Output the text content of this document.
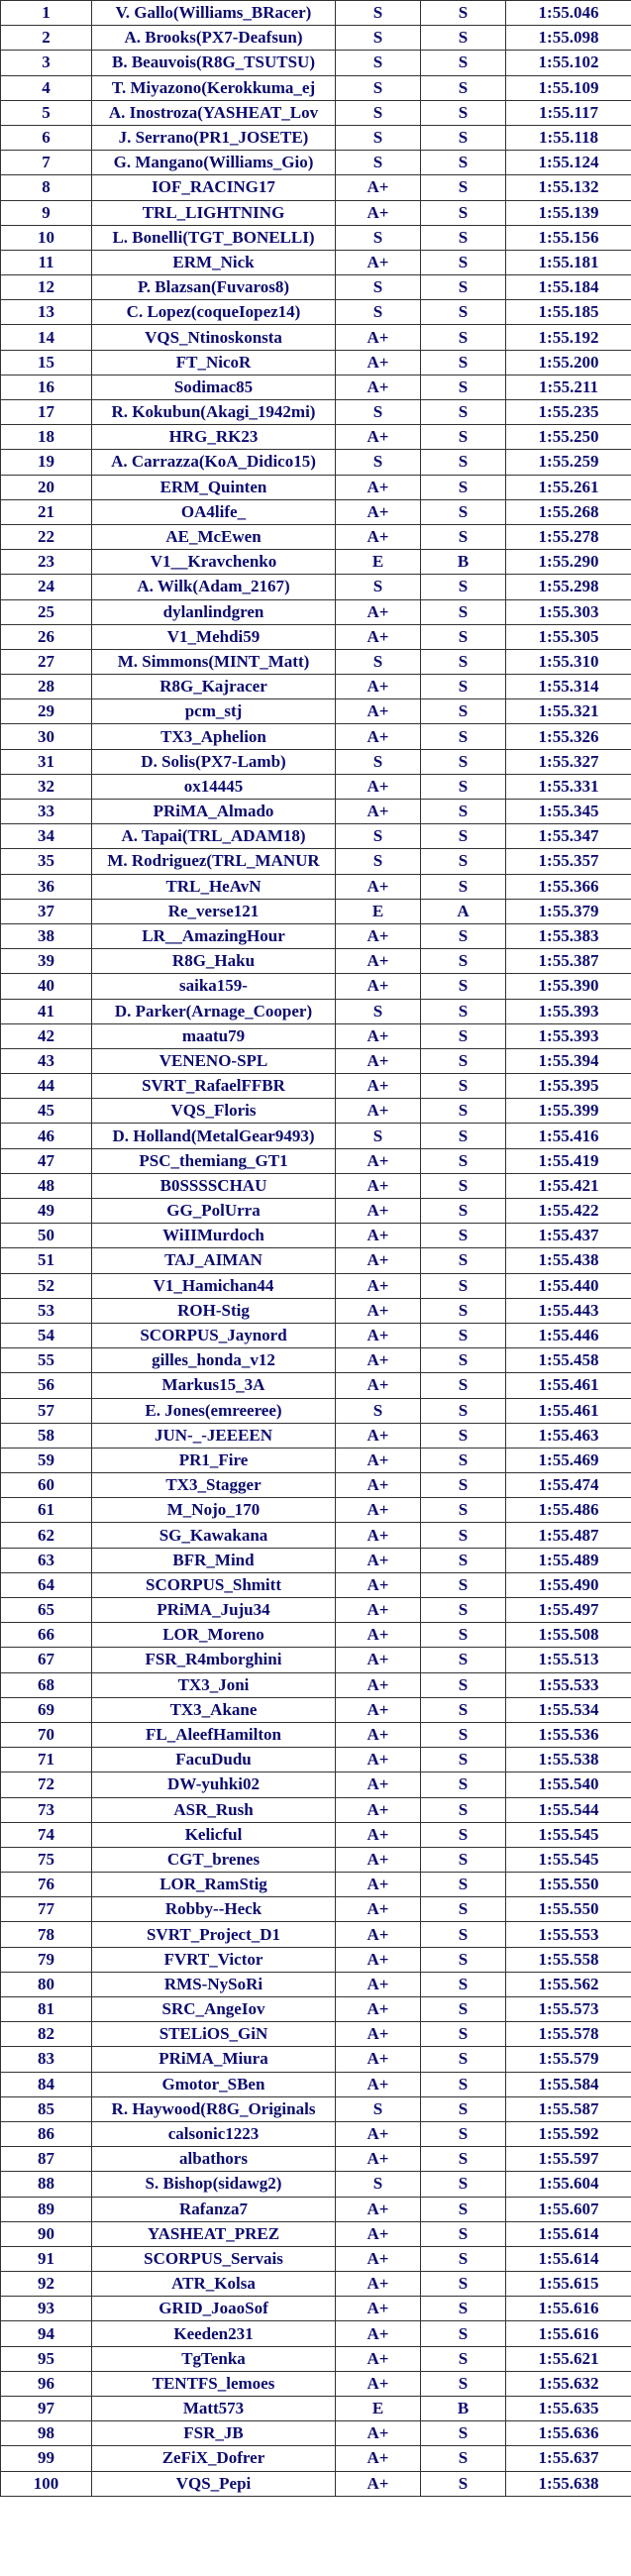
1	V. Gallo(Williams_BRacer)	S	S	1:55.046
2	A. Brooks(PX7-Deafsun)	S	S	1:55.098
3	B. Beauvois(R8G_TSUTSU)	S	S	1:55.102
4	T. Miyazono(Kerokkuma_ej	S	S	1:55.109
5	A. Inostroza(YASHEAT_Lov	S	S	1:55.117
6	J. Serrano(PR1_JOSETE)	S	S	1:55.118
7	G. Mangano(Williams_Gio)	S	S	1:55.124
8	IOF_RACING17	A+	S	1:55.132
9	TRL_LIGHTNING	A+	S	1:55.139
10	L. Bonelli(TGT_BONELLI)	S	S	1:55.156
11	ERM_Nick	A+	S	1:55.181
12	P. Blazsan(Fuvaros8)	S	S	1:55.184
13	C. Lopez(coqueIopez14)	S	S	1:55.185
14	VQS_Ntinoskonsta	A+	S	1:55.192
15	FT_NicoR	A+	S	1:55.200
16	Sodimac85	A+	S	1:55.211
17	R. Kokubun(Akagi_1942mi)	S	S	1:55.235
18	HRG_RK23	A+	S	1:55.250
19	A. Carrazza(KoA_Didico15)	S	S	1:55.259
20	ERM_Quinten	A+	S	1:55.261
21	OA4life_	A+	S	1:55.268
22	AE_McEwen	A+	S	1:55.278
23	V1__Kravchenko	E	B	1:55.290
24	A. Wilk(Adam_2167)	S	S	1:55.298
25	dylanlindgren	A+	S	1:55.303
26	V1_Mehdi59	A+	S	1:55.305
27	M. Simmons(MINT_Matt)	S	S	1:55.310
28	R8G_Kajracer	A+	S	1:55.314
29	pcm_stj	A+	S	1:55.321
30	TX3_Aphelion	A+	S	1:55.326
31	D. Solis(PX7-Lamb)	S	S	1:55.327
32	ox14445	A+	S	1:55.331
33	PRiMA_Almado	A+	S	1:55.345
34	A. Tapai(TRL_ADAM18)	S	S	1:55.347
35	M. Rodriguez(TRL_MANUR	S	S	1:55.357
36	TRL_HeAvN	A+	S	1:55.366
37	Re_verse121	E	A	1:55.379
38	LR__AmazingHour	A+	S	1:55.383
39	R8G_Haku	A+	S	1:55.387
40	saika159-	A+	S	1:55.390
41	D. Parker(Arnage_Cooper)	S	S	1:55.393
42	maatu79	A+	S	1:55.393
43	VENENO-SPL	A+	S	1:55.394
44	SVRT_RafaelFFBR	A+	S	1:55.395
45	VQS_Floris	A+	S	1:55.399
46	D. Holland(MetalGear9493)	S	S	1:55.416
47	PSC_themiang_GT1	A+	S	1:55.419
48	B0SSSSCHAU	A+	S	1:55.421
49	GG_PolUrra	A+	S	1:55.422
50	WiIIMurdoch	A+	S	1:55.437
51	TAJ_AIMAN	A+	S	1:55.438
52	V1_Hamichan44	A+	S	1:55.440
53	ROH-Stig	A+	S	1:55.443
54	SCORPUS_Jaynord	A+	S	1:55.446
55	gilles_honda_v12	A+	S	1:55.458
56	Markus15_3A	A+	S	1:55.461
57	E. Jones(emreeree)	S	S	1:55.461
58	JUN-_-JEEEEN	A+	S	1:55.463
59	PR1_Fire	A+	S	1:55.469
60	TX3_Stagger	A+	S	1:55.474
61	M_Nojo_170	A+	S	1:55.486
62	SG_Kawakana	A+	S	1:55.487
63	BFR_Mind	A+	S	1:55.489
64	SCORPUS_Shmitt	A+	S	1:55.490
65	PRiMA_Juju34	A+	S	1:55.497
66	LOR_Moreno	A+	S	1:55.508
67	FSR_R4mborghini	A+	S	1:55.513
68	TX3_Joni	A+	S	1:55.533
69	TX3_Akane	A+	S	1:55.534
70	FL_AleefHamilton	A+	S	1:55.536
71	FacuDudu	A+	S	1:55.538
72	DW-yuhki02	A+	S	1:55.540
73	ASR_Rush	A+	S	1:55.544
74	Kelicful	A+	S	1:55.545
75	CGT_brenes	A+	S	1:55.545
76	LOR_RamStig	A+	S	1:55.550
77	Robby--Heck	A+	S	1:55.550
78	SVRT_Project_D1	A+	S	1:55.553
79	FVRT_Victor	A+	S	1:55.558
80	RMS-NySoRi	A+	S	1:55.562
81	SRC_AngeIov	A+	S	1:55.573
82	STELiOS_GiN	A+	S	1:55.578
83	PRiMA_Miura	A+	S	1:55.579
84	Gmotor_SBen	A+	S	1:55.584
85	R. Haywood(R8G_Originals	S	S	1:55.587
86	calsonic1223	A+	S	1:55.592
87	albathors	A+	S	1:55.597
88	S. Bishop(sidawg2)	S	S	1:55.604
89	Rafanza7	A+	S	1:55.607
90	YASHEAT_PREZ	A+	S	1:55.614
91	SCORPUS_Servais	A+	S	1:55.614
92	ATR_Kolsa	A+	S	1:55.615
93	GRID_JoaoSof	A+	S	1:55.616
94	Keeden231	A+	S	1:55.616
95	TgTenka	A+	S	1:55.621
96	TENTFS_lemoes	A+	S	1:55.632
97	Matt573	E	B	1:55.635
98	FSR_JB	A+	S	1:55.636
99	ZeFiX_Dofrer	A+	S	1:55.637
100	VQS_Pepi	A+	S	1:55.638
